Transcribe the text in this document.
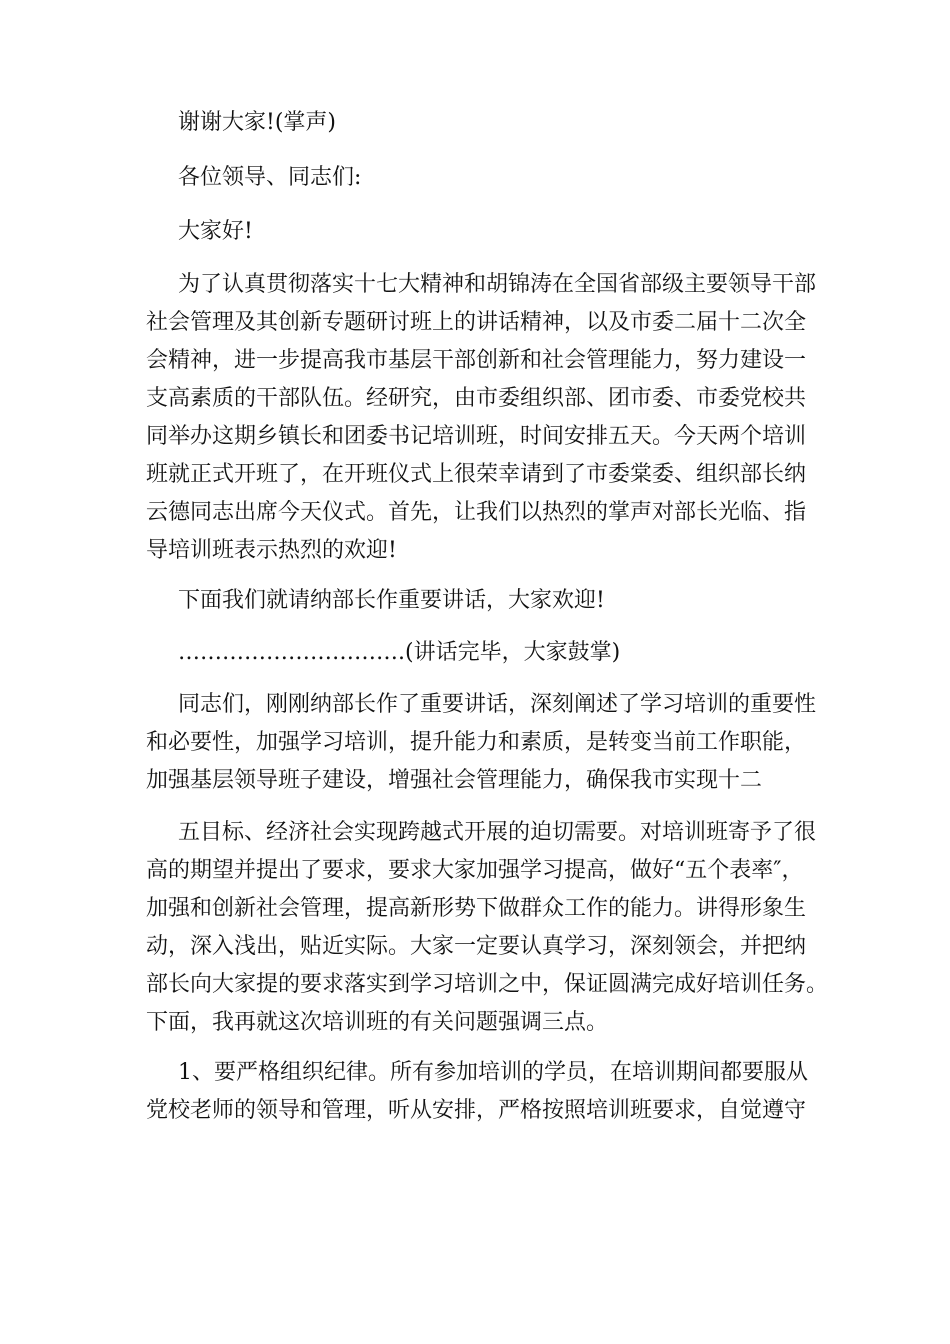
谢谢大家!(掌声)

各位领导、同志们:

大家好!

为了认真贯彻落实十七大精神和胡锦涛在全国省部级主要领导干部
社会管理及其创新专题研讨班上的讲话精神，以及市委二届十二次全
会精神，进一步提高我市基层干部创新和社会管理能力，努力建设一
支高素质的干部队伍。经研究，由市委组织部、团市委、市委党校共
同举办这期乡镇长和团委书记培训班，时间安排五天。今天两个培训
班就正式开班了，在开班仪式上很荣幸请到了市委棠委、组织部长纳
云德同志出席今天仪式。首先，让我们以热烈的掌声对部长光临、指
导培训班表示热烈的欢迎!

下面我们就请纳部长作重要讲话，大家欢迎!

………………………….(讲话完毕，大家鼓掌)

同志们，刚刚纳部长作了重要讲话，深刻阐述了学习培训的重要性
和必要性，加强学习培训，提升能力和素质，是转变当前工作职能，
加强基层领导班子建设，增强社会管理能力，确保我市实现十二

五目标、经济社会实现跨越式开展的迫切需要。对培训班寄予了很
高的期望并提出了要求，要求大家加强学习提高，做好“五个表率″，
加强和创新社会管理，提高新形势下做群众工作的能力。讲得形象生
动，深入浅出，贴近实际。大家一定要认真学习，深刻领会，并把纳
部长向大家提的要求落实到学习培训之中，保证圆满完成好培训任务。
下面，我再就这次培训班的有关问题强调三点。

1、要严格组织纪律。所有参加培训的学员，在培训期间都要服从
党校老师的领导和管理，听从安排，严格按照培训班要求，自觉遵守
